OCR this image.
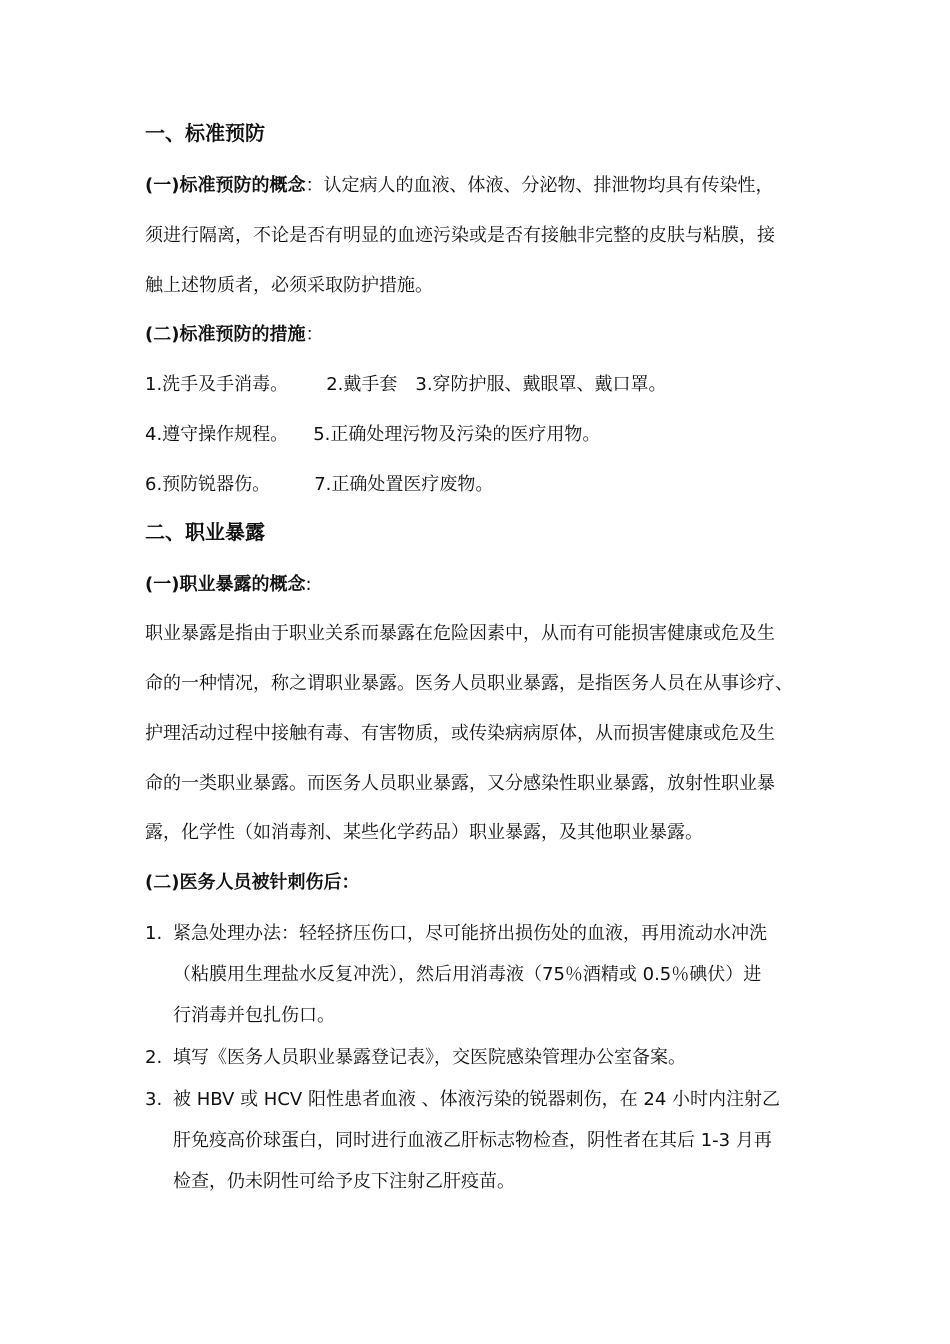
一、标准预防
(一)标准预防的概念：认定病人的血液、体液、分泌物、排泄物均具有传染性，
须进行隔离，不论是否有明显的血迹污染或是否有接触非完整的皮肤与粘膜，接
触上述物质者，必须采取防护措施。
(二)标准预防的措施：
1.洗手及手消毒。 2.戴手套 3.穿防护服、戴眼罩、戴口罩。
4.遵守操作规程。 5.正确处理污物及污染的医疗用物。
6.预防锐器伤。 7.正确处置医疗废物。
二、职业暴露
(一)职业暴露的概念:
职业暴露是指由于职业关系而暴露在危险因素中，从而有可能损害健康或危及生
命的一种情况，称之谓职业暴露。医务人员职业暴露，是指医务人员在从事诊疗、
护理活动过程中接触有毒、有害物质，或传染病病原体，从而损害健康或危及生
命的一类职业暴露。而医务人员职业暴露，又分感染性职业暴露，放射性职业暴
露，化学性（如消毒剂、某些化学药品）职业暴露，及其他职业暴露。
(二)医务人员被针刺伤后：
1. 紧急处理办法：轻轻挤压伤口，尽可能挤出损伤处的血液，再用流动水冲洗
（粘膜用生理盐水反复冲洗），然后用消毒液（75％酒精或 0.5％碘伏）进
行消毒并包扎伤口。
2. 填写《医务人员职业暴露登记表》，交医院感染管理办公室备案。
3. 被 HBV 或 HCV 阳性患者血液 、体液污染的锐器刺伤，在 24 小时内注射乙
肝免疫高价球蛋白，同时进行血液乙肝标志物检查，阴性者在其后 1-3 月再
检查，仍未阴性可给予皮下注射乙肝疫苗。
